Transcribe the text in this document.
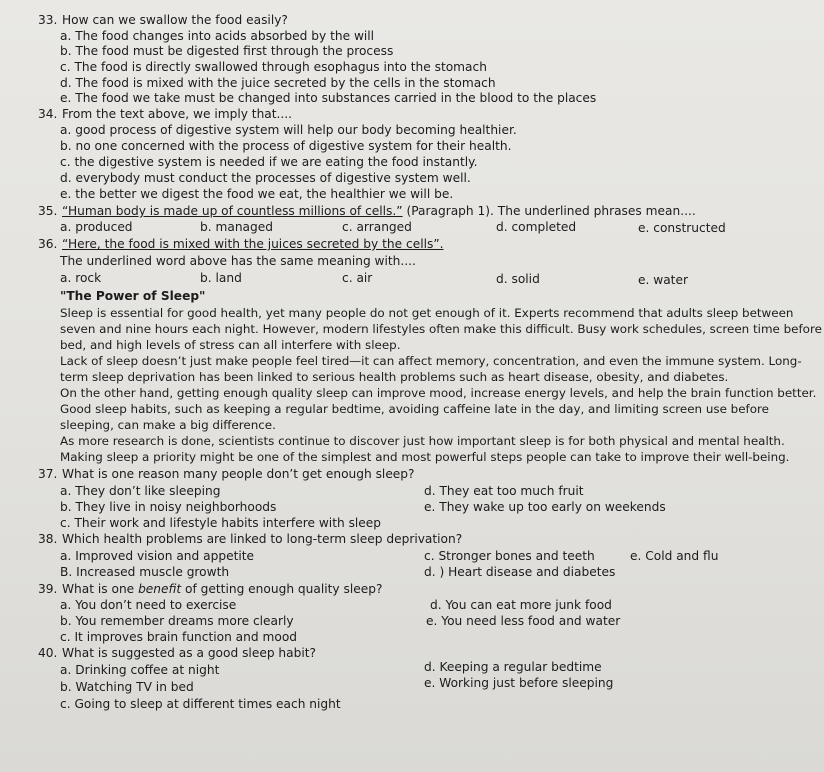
33. How can we swallow the food easily?
a. The food changes into acids absorbed by the will
b. The food must be digested first through the process
c. The food is directly swallowed through esophagus into the stomach
d. The food is mixed with the juice secreted by the cells in the stomach
e. The food we take must be changed into substances carried in the blood to the places
34. From the text above, we imply that....
a. good process of digestive system will help our body becoming healthier.
b. no one concerned with the process of digestive system for their health.
c. the digestive system is needed if we are eating the food instantly.
d. everybody must conduct the processes of digestive system well.
e. the better we digest the food we eat, the healthier we will be.
35. “Human body is made up of countless millions of cells.” (Paragraph 1). The underlined phrases mean....
a. produced	b. managed	c. arranged	d. completed	e. constructed
36. “Here, the food is mixed with the juices secreted by the cells”.
The underlined word above has the same meaning with....
a. rock	b. land	c. air	d. solid	e. water
"The Power of Sleep"
Sleep is essential for good health, yet many people do not get enough of it. Experts recommend that adults sleep between
seven and nine hours each night. However, modern lifestyles often make this difficult. Busy work schedules, screen time before
bed, and high levels of stress can all interfere with sleep.
Lack of sleep doesn’t just make people feel tired—it can affect memory, concentration, and even the immune system. Long-
term sleep deprivation has been linked to serious health problems such as heart disease, obesity, and diabetes.
On the other hand, getting enough quality sleep can improve mood, increase energy levels, and help the brain function better.
Good sleep habits, such as keeping a regular bedtime, avoiding caffeine late in the day, and limiting screen use before
sleeping, can make a big difference.
As more research is done, scientists continue to discover just how important sleep is for both physical and mental health.
Making sleep a priority might be one of the simplest and most powerful steps people can take to improve their well-being.
37. What is one reason many people don’t get enough sleep?
a. They don’t like sleeping	d. They eat too much fruit
b. They live in noisy neighborhoods	e. They wake up too early on weekends
c. Their work and lifestyle habits interfere with sleep
38. Which health problems are linked to long-term sleep deprivation?
a. Improved vision and appetite	c. Stronger bones and teeth	e. Cold and flu
B. Increased muscle growth	d. ) Heart disease and diabetes
39. What is one benefit of getting enough quality sleep?
a. You don’t need to exercise	d. You can eat more junk food
b. You remember dreams more clearly	e. You need less food and water
c. It improves brain function and mood
40. What is suggested as a good sleep habit?
a. Drinking coffee at night	d. Keeping a regular bedtime
b. Watching TV in bed	e. Working just before sleeping
c. Going to sleep at different times each night
